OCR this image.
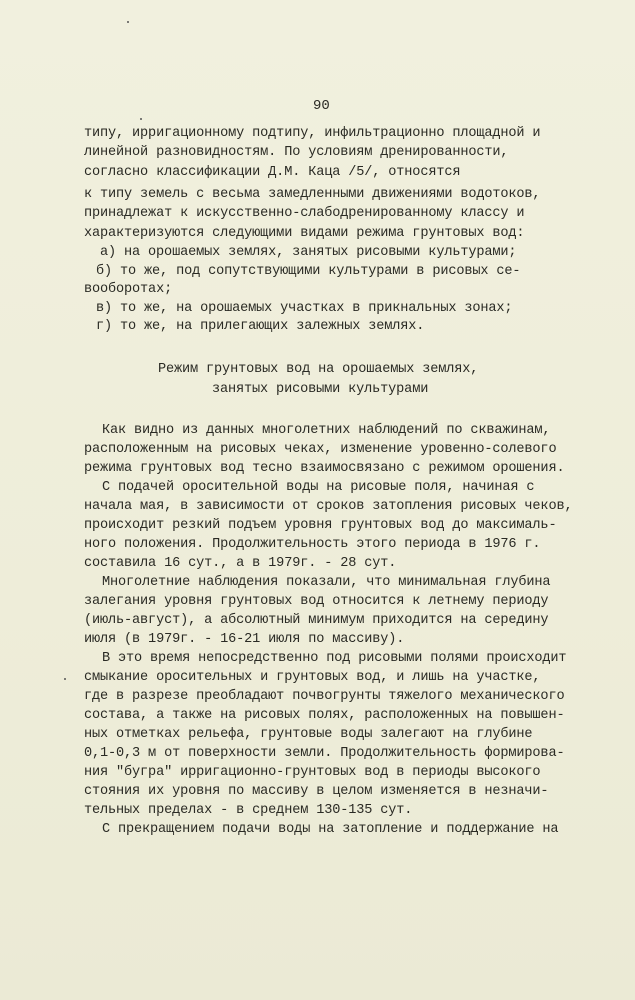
90

типу, ирригационному подтипу, инфильтрационно площадной и

линейной разновидностям. По условиям дренированности,

согласно классификации Д.М. Каца /5/, относятся

к типу земель с весьма замедленными движениями водотоков,

принадлежат к искусственно-слабодренированному классу и

характеризуются следующими видами режима грунтовых вод:

а) на орошаемых землях, занятых рисовыми культурами;

б) то же, под сопутствующими культурами в рисовых се-

вооборотах;

в) то же, на орошаемых участках в прикнальных зонах;

г) то же, на прилегающих залежных землях.

Режим грунтовых вод на орошаемых землях,

занятых рисовыми культурами

Как видно из данных многолетних наблюдений по скважинам,

расположенным на рисовых чеках, изменение уровенно-солевого

режима грунтовых вод тесно взаимосвязано с режимом орошения.

С подачей оросительной воды на рисовые поля, начиная с

начала мая, в зависимости от сроков затопления рисовых чеков,

происходит резкий подъем уровня грунтовых вод до максималь-

ного положения. Продолжительность этого периода в 1976 г.

составила 16 сут., а в 1979г. - 28 сут.

Многолетние наблюдения показали, что минимальная глубина

залегания уровня грунтовых вод относится к летнему периоду

(июль-август), а абсолютный минимум приходится на середину

июля (в 1979г. - 16-21 июля по массиву).

В это время непосредственно под рисовыми полями происходит

смыкание оросительных и грунтовых вод, и лишь на участке,

где в разрезе преобладают почвогрунты тяжелого механического

состава, а также на рисовых полях, расположенных на повышен-

ных отметках рельефа, грунтовые воды залегают на глубине

0,1-0,3 м от поверхности земли. Продолжительность формирова-

ния "бугра" ирригационно-грунтовых вод в периоды высокого

стояния их уровня по массиву в целом изменяется в незначи-

тельных пределах - в среднем 130-135 сут.

С прекращением подачи воды на затопление и поддержание на
